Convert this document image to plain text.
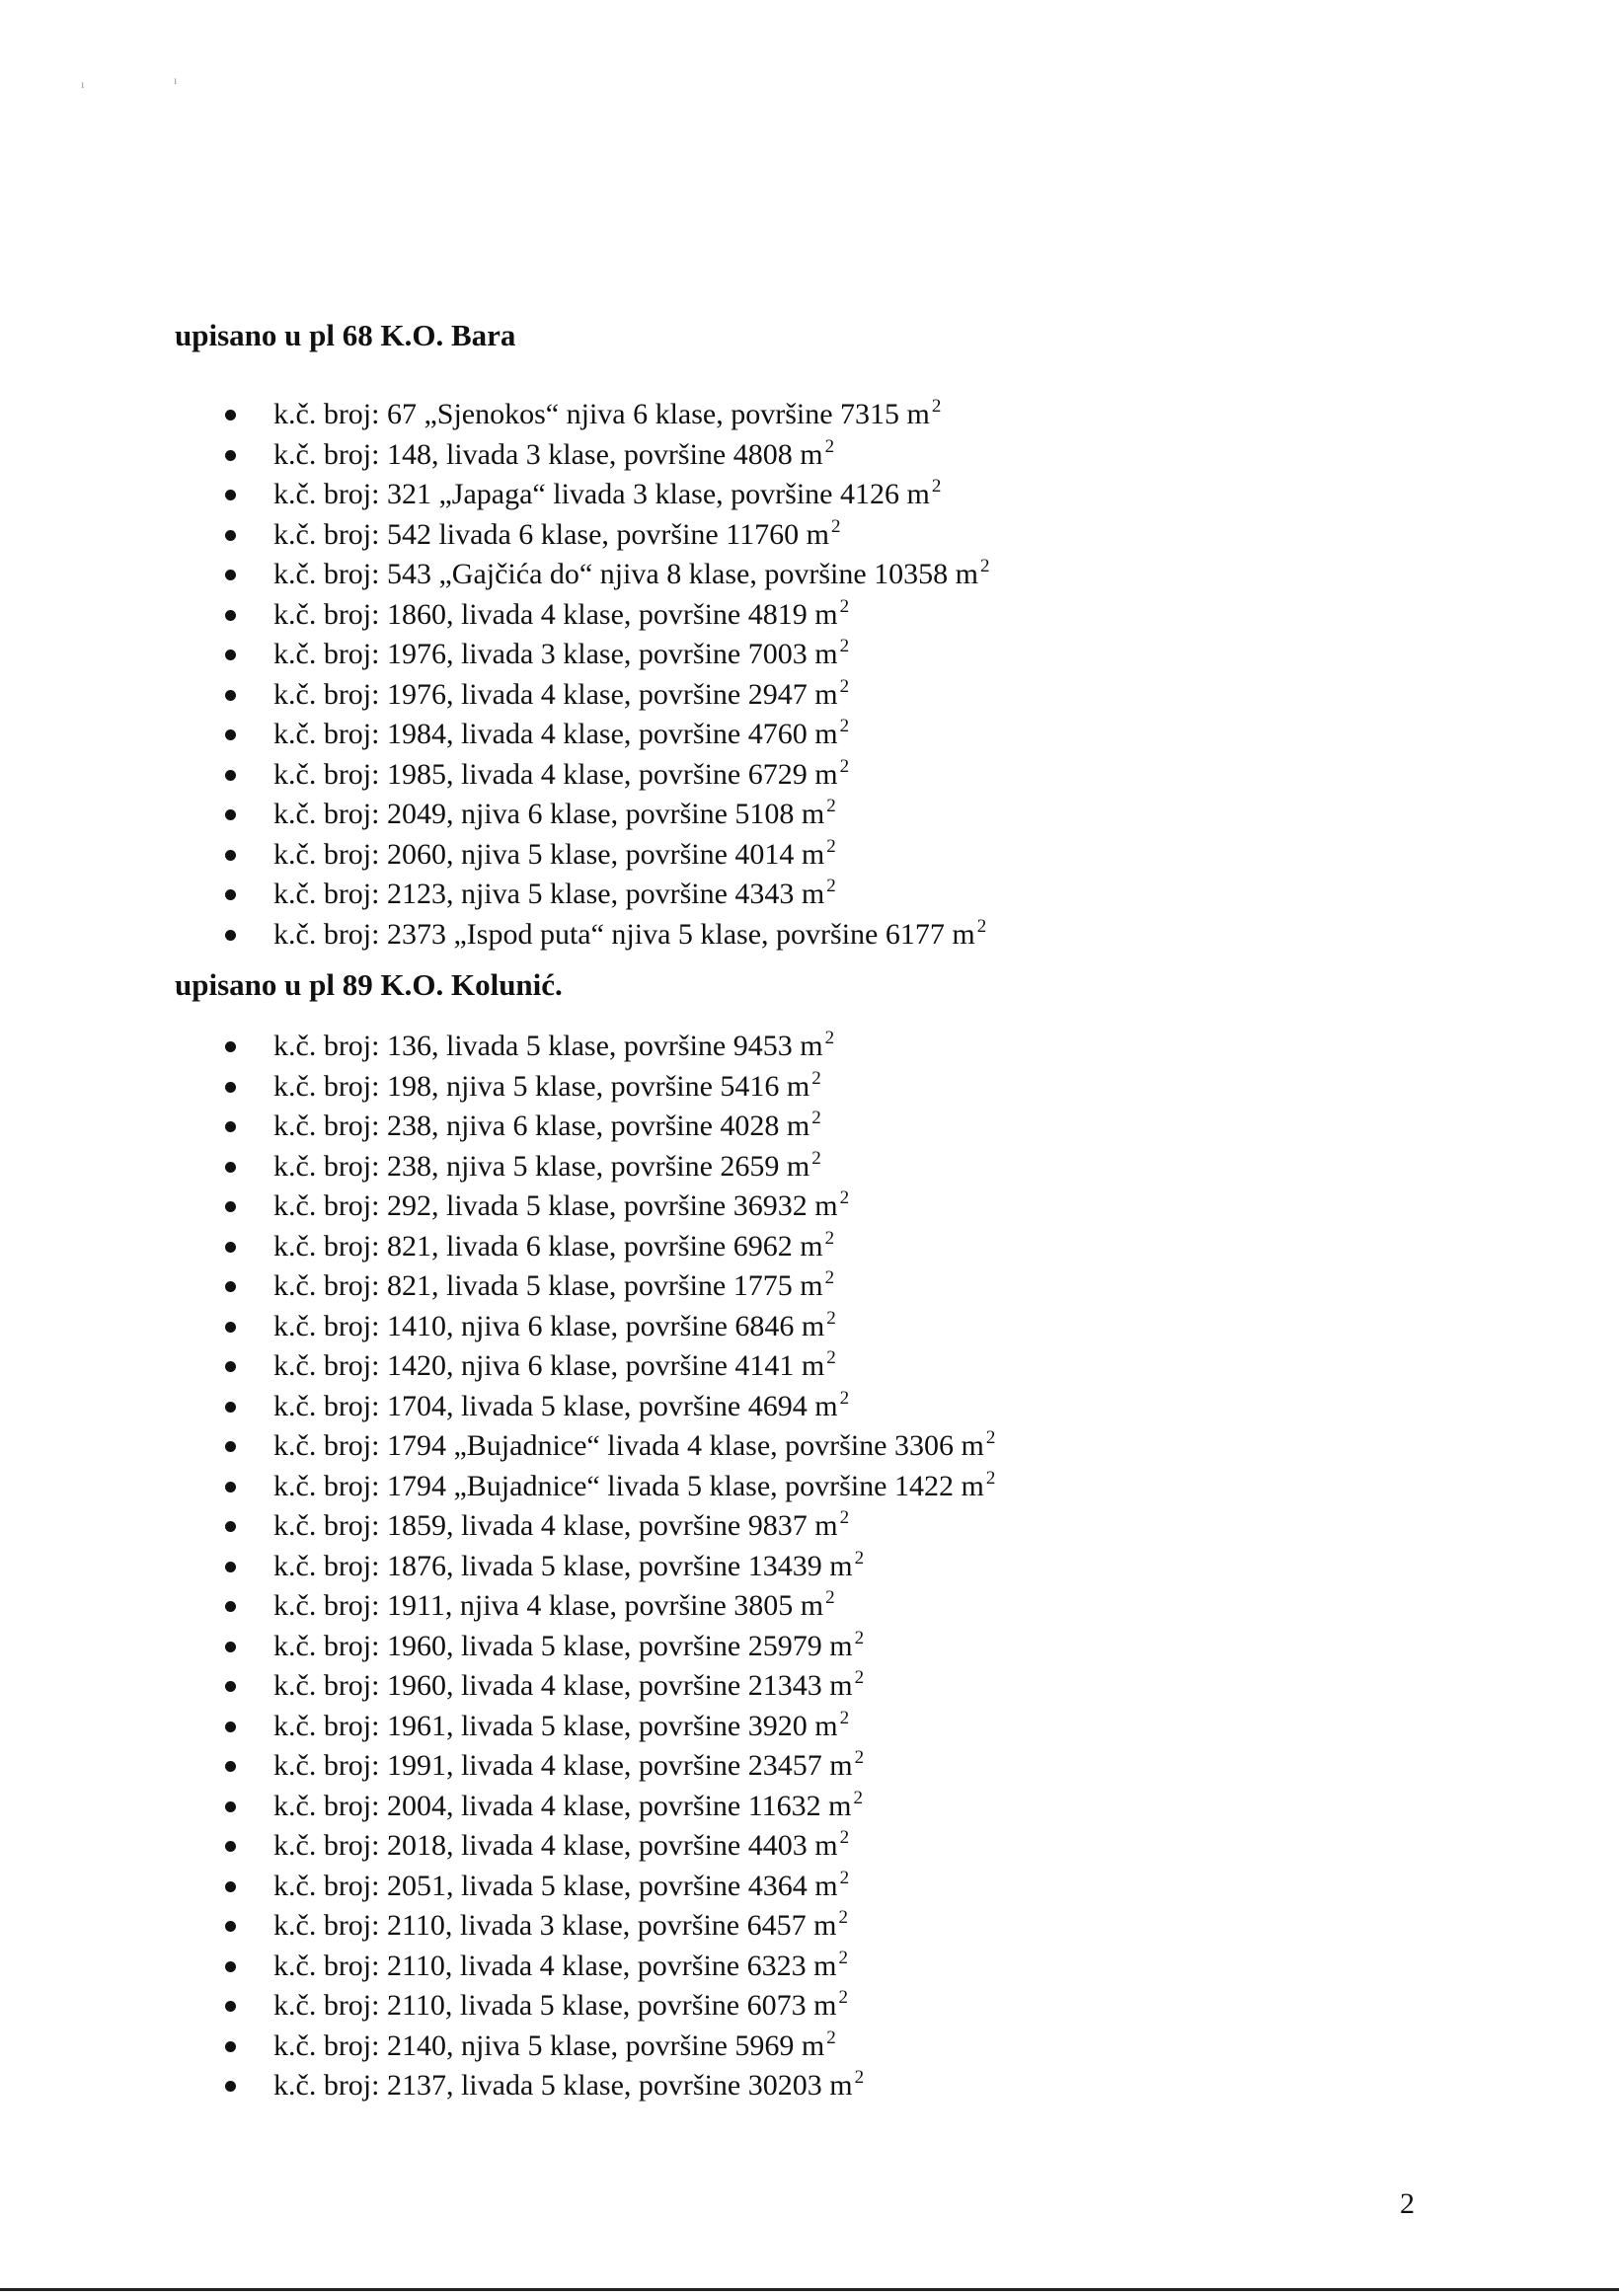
ı	ı
upisano u pl 68 K.O. Bara
k.č. broj: 67 „Sjenokos“ njiva 6 klase, površine 7315 m $^2$
k.č. broj: 148, livada 3 klase, površine 4808 m $^2$
k.č. broj: 321 „Japaga“ livada 3 klase, površine 4126 m $^2$
k.č. broj: 542 livada 6 klase, površine 11760 m $^2$
k.č. broj: 543 „Gajčića do“ njiva 8 klase, površine 10358 m $^2$
k.č. broj: 1860, livada 4 klase, površine 4819 m $^2$
k.č. broj: 1976, livada 3 klase, površine 7003 m $^2$
k.č. broj: 1976, livada 4 klase, površine 2947 m $^2$
k.č. broj: 1984, livada 4 klase, površine 4760 m $^2$
k.č. broj: 1985, livada 4 klase, površine 6729 m $^2$
k.č. broj: 2049, njiva 6 klase, površine 5108 m $^2$
k.č. broj: 2060, njiva 5 klase, površine 4014 m $^2$
k.č. broj: 2123, njiva 5 klase, površine 4343 m $^2$
k.č. broj: 2373 „Ispod puta“ njiva 5 klase, površine 6177 m $^2$
upisano u pl 89 K.O. Kolunić.
k.č. broj: 136, livada 5 klase, površine 9453 m $^2$
k.č. broj: 198, njiva 5 klase, površine 5416 m $^2$
k.č. broj: 238, njiva 6 klase, površine 4028 m $^2$
k.č. broj: 238, njiva 5 klase, površine 2659 m $^2$
k.č. broj: 292, livada 5 klase, površine 36932 m $^2$
k.č. broj: 821, livada 6 klase, površine 6962 m $^2$
k.č. broj: 821, livada 5 klase, površine 1775 m $^2$
k.č. broj: 1410, njiva 6 klase, površine 6846 m $^2$
k.č. broj: 1420, njiva 6 klase, površine 4141 m $^2$
k.č. broj: 1704, livada 5 klase, površine 4694 m $^2$
k.č. broj: 1794 „Bujadnice“ livada 4 klase, površine 3306 m $^2$
k.č. broj: 1794 „Bujadnice“ livada 5 klase, površine 1422 m $^2$
k.č. broj: 1859, livada 4 klase, površine 9837 m $^2$
k.č. broj: 1876, livada 5 klase, površine 13439 m $^2$
k.č. broj: 1911, njiva 4 klase, površine 3805 m $^2$
k.č. broj: 1960, livada 5 klase, površine 25979 m $^2$
k.č. broj: 1960, livada 4 klase, površine 21343 m $^2$
k.č. broj: 1961, livada 5 klase, površine 3920 m $^2$
k.č. broj: 1991, livada 4 klase, površine 23457 m $^2$
k.č. broj: 2004, livada 4 klase, površine 11632 m $^2$
k.č. broj: 2018, livada 4 klase, površine 4403 m $^2$
k.č. broj: 2051, livada 5 klase, površine 4364 m $^2$
k.č. broj: 2110, livada 3 klase, površine 6457 m $^2$
k.č. broj: 2110, livada 4 klase, površine 6323 m $^2$
k.č. broj: 2110, livada 5 klase, površine 6073 m $^2$
k.č. broj: 2140, njiva 5 klase, površine 5969 m $^2$
k.č. broj: 2137, livada 5 klase, površine 30203 m $^2$
2
